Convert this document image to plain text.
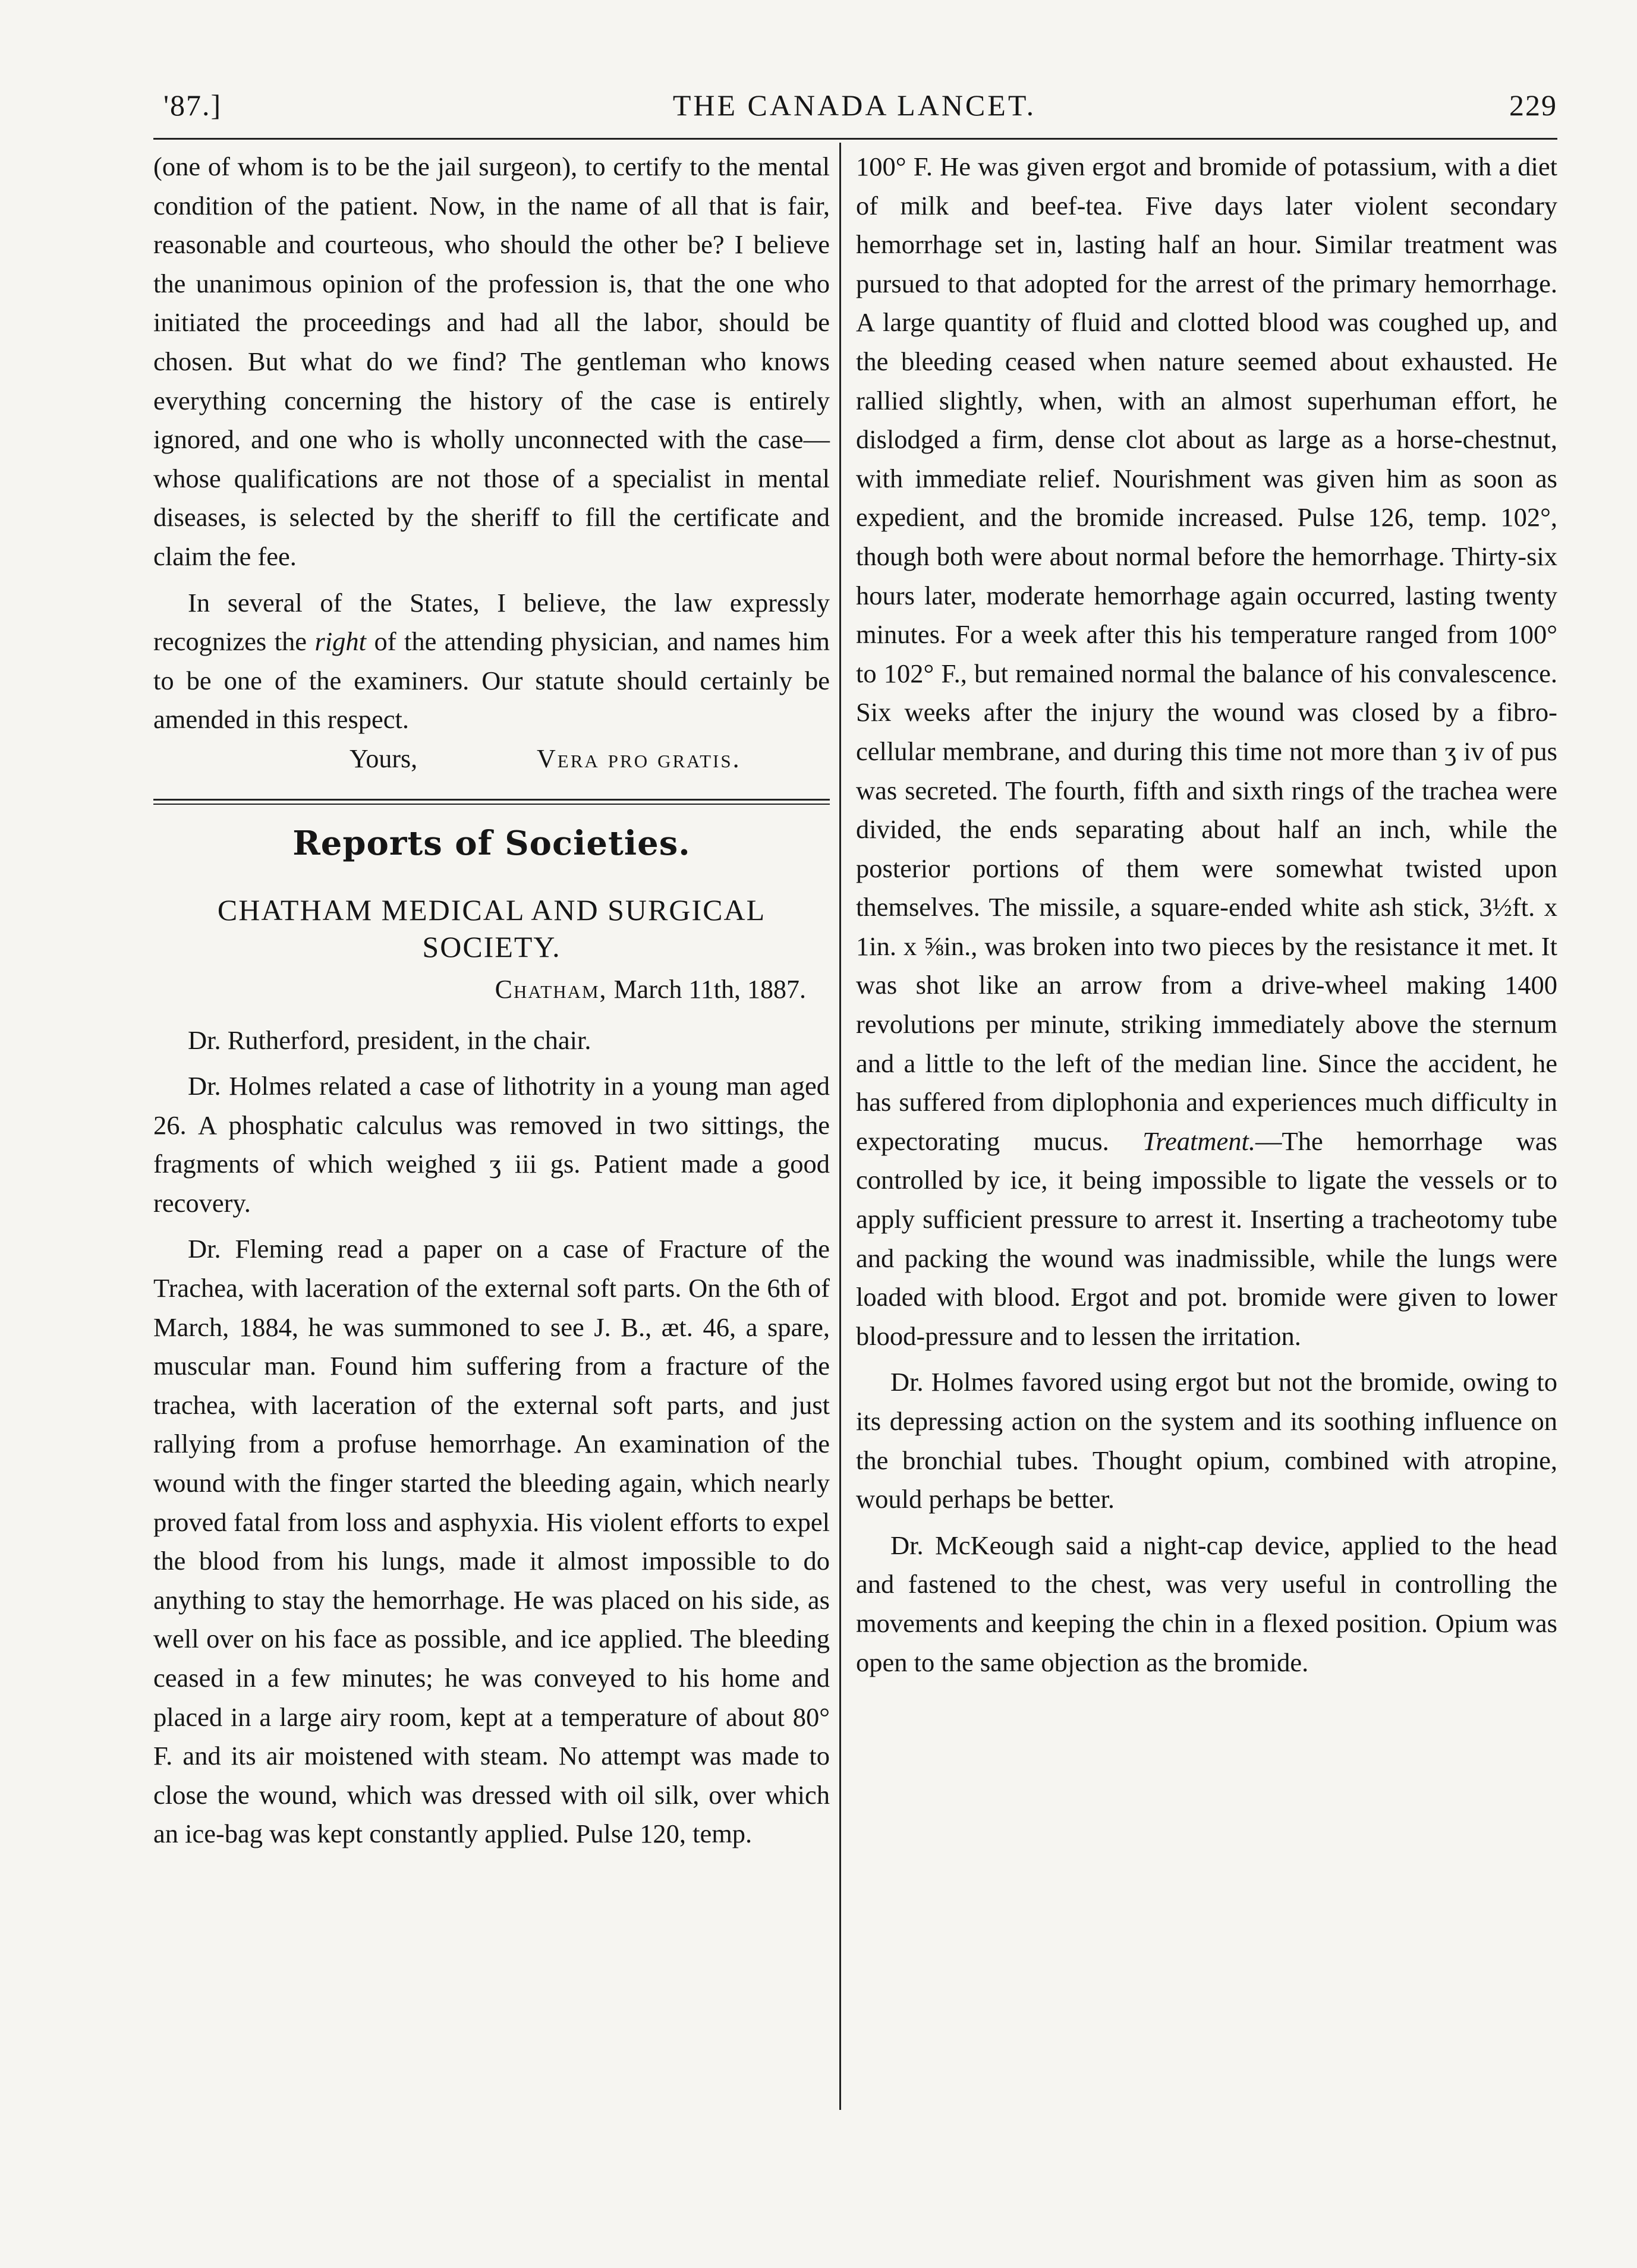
'87.]	THE CANADA LANCET.	229

(one of whom is to be the jail surgeon), to certify to the mental condition of the patient. Now, in the name of all that is fair, reasonable and courteous, who should the other be? I believe the unanimous opinion of the profession is, that the one who initiated the proceedings and had all the labor, should be chosen. But what do we find? The gentleman who knows everything concerning the history of the case is entirely ignored, and one who is wholly unconnected with the case—whose qualifications are not those of a specialist in mental diseases, is selected by the sheriff to fill the certificate and claim the fee.

In several of the States, I believe, the law expressly recognizes the right of the attending physician, and names him to be one of the examiners. Our statute should certainly be amended in this respect.

Yours,	Vera pro gratis.
Reports of Societies.
CHATHAM MEDICAL AND SURGICAL SOCIETY.
Chatham, March 11th, 1887.

Dr. Rutherford, president, in the chair.

Dr. Holmes related a case of lithotrity in a young man aged 26. A phosphatic calculus was removed in two sittings, the fragments of which weighed ʒ iii gs. Patient made a good recovery.

Dr. Fleming read a paper on a case of Fracture of the Trachea, with laceration of the external soft parts. On the 6th of March, 1884, he was summoned to see J. B., æt. 46, a spare, muscular man. Found him suffering from a fracture of the trachea, with laceration of the external soft parts, and just rallying from a profuse hemorrhage. An examination of the wound with the finger started the bleeding again, which nearly proved fatal from loss and asphyxia. His violent efforts to expel the blood from his lungs, made it almost impossible to do anything to stay the hemorrhage. He was placed on his side, as well over on his face as possible, and ice applied. The bleeding ceased in a few minutes; he was conveyed to his home and placed in a large airy room, kept at a temperature of about 80° F. and its air moistened with steam. No attempt was made to close the wound, which was dressed with oil silk, over which an ice-bag was kept constantly applied. Pulse 120, temp.

100° F. He was given ergot and bromide of potassium, with a diet of milk and beef-tea. Five days later violent secondary hemorrhage set in, lasting half an hour. Similar treatment was pursued to that adopted for the arrest of the primary hemorrhage. A large quantity of fluid and clotted blood was coughed up, and the bleeding ceased when nature seemed about exhausted. He rallied slightly, when, with an almost superhuman effort, he dislodged a firm, dense clot about as large as a horse-chestnut, with immediate relief. Nourishment was given him as soon as expedient, and the bromide increased. Pulse 126, temp. 102°, though both were about normal before the hemorrhage. Thirty-six hours later, moderate hemorrhage again occurred, lasting twenty minutes. For a week after this his temperature ranged from 100° to 102° F., but remained normal the balance of his convalescence. Six weeks after the injury the wound was closed by a fibro-cellular membrane, and during this time not more than ʒ iv of pus was secreted. The fourth, fifth and sixth rings of the trachea were divided, the ends separating about half an inch, while the posterior portions of them were somewhat twisted upon themselves. The missile, a square-ended white ash stick, 3½ft. x 1in. x ⅝in., was broken into two pieces by the resistance it met. It was shot like an arrow from a drive-wheel making 1400 revolutions per minute, striking immediately above the sternum and a little to the left of the median line. Since the accident, he has suffered from diplophonia and experiences much difficulty in expectorating mucus. Treatment.—The hemorrhage was controlled by ice, it being impossible to ligate the vessels or to apply sufficient pressure to arrest it. Inserting a tracheotomy tube and packing the wound was inadmissible, while the lungs were loaded with blood. Ergot and pot. bromide were given to lower blood-pressure and to lessen the irritation.

Dr. Holmes favored using ergot but not the bromide, owing to its depressing action on the system and its soothing influence on the bronchial tubes. Thought opium, combined with atropine, would perhaps be better.

Dr. McKeough said a night-cap device, applied to the head and fastened to the chest, was very useful in controlling the movements and keeping the chin in a flexed position. Opium was open to the same objection as the bromide.
